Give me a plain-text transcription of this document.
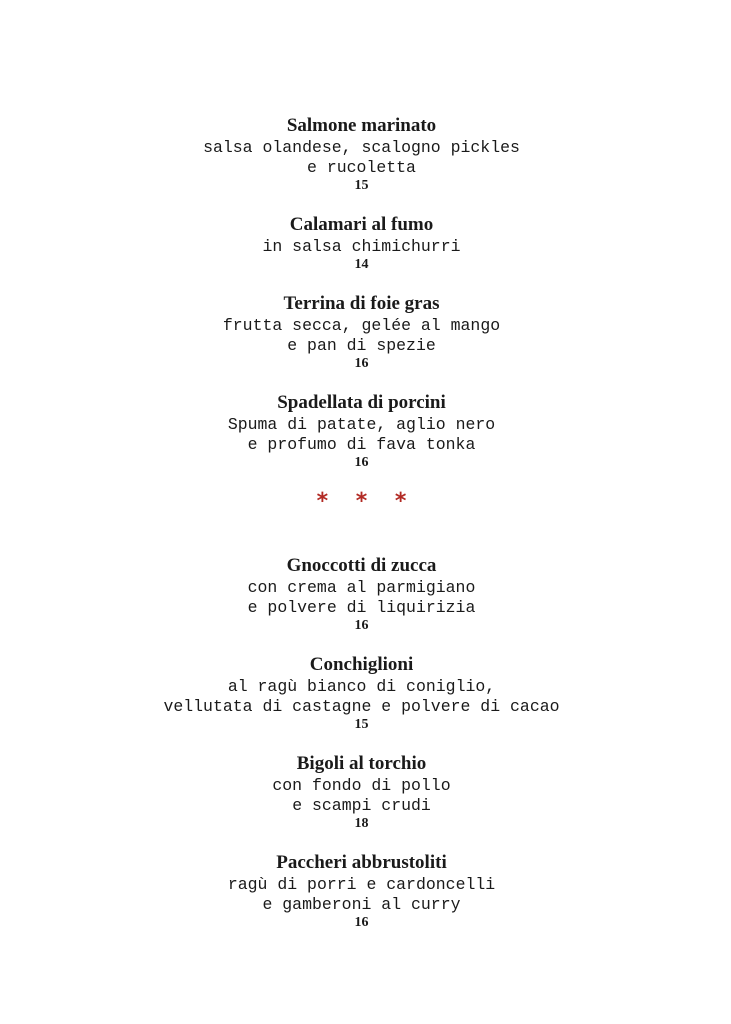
Salmone marinato
salsa olandese, scalogno pickles
e rucoletta
15
Calamari al fumo
in salsa chimichurri
14
Terrina di foie gras
frutta secca, gelée al mango
e pan di spezie
16
Spadellata di porcini
Spuma di patate, aglio nero
e profumo di fava tonka
16
* * *
Gnoccotti di zucca
con crema al parmigiano
e polvere di liquirizia
16
Conchiglioni
al ragù bianco di coniglio,
vellutata di castagne e polvere di cacao
15
Bigoli al torchio
con fondo di pollo
e scampi crudi
18
Paccheri abbrustoliti
ragù di porri e cardoncelli
e gamberoni al curry
16
